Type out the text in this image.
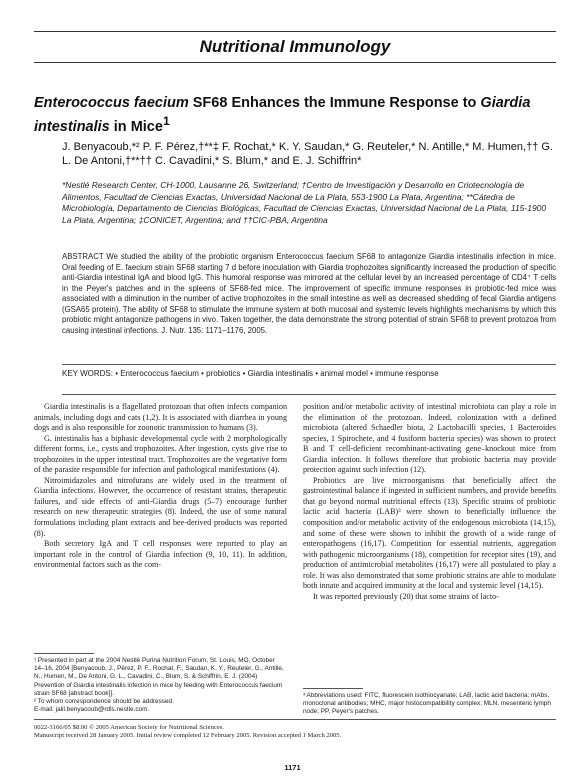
Nutritional Immunology
Enterococcus faecium SF68 Enhances the Immune Response to Giardia
intestinalis in Mice$^1$
J. Benyacoub,*² P. F. Pérez,†**‡ F. Rochat,* K. Y. Saudan,* G. Reuteler,* N. Antille,* M. Humen,†† G. L. De Antoni,†**†† C. Cavadini,* S. Blum,* and E. J. Schiffrin*
*Nestlé Research Center, CH-1000, Lausanne 26, Switzerland; †Centro de Investigación y Desarrollo en Criotecnología de Alimentos, Facultad de Ciencias Exactas, Universidad Nacional de La Plata, 553-1900 La Plata, Argentina; **Cátedra de Microbiología, Departamento de Ciencias Biológicas, Facultad de Ciencias Exactas, Universidad Nacional de La Plata, 115-1900 La Plata, Argentina; ‡CONICET, Argentina; and ††CIC-PBA, Argentina
ABSTRACT We studied the ability of the probiotic organism Enterococcus faecium SF68 to antagonize Giardia intestinalis infection in mice. Oral feeding of E. faecium strain SF68 starting 7 d before inoculation with Giardia trophozoites significantly increased the production of specific anti-Giardia intestinal IgA and blood IgG. This humoral response was mirrored at the cellular level by an increased percentage of CD4⁺ T cells in the Peyer's patches and in the spleens of SF68-fed mice. The improvement of specific immune responses in probiotic-fed mice was associated with a diminution in the number of active trophozoites in the small intestine as well as decreased shedding of fecal Giardia antigens (GSA65 protein). The ability of SF68 to stimulate the immune system at both mucosal and systemic levels highlights mechanisms by which this probiotic might antagonize pathogens in vivo. Taken together, the data demonstrate the strong potential of strain SF68 to prevent protozoa from causing intestinal infections. J. Nutr. 135: 1171–1176, 2005.
KEY WORDS: • Enterococcus faecium • probiotics • Giardia intestinalis • animal model • immune response

Giardia intestinalis is a flagellated protozoan that often infects companion animals, including dogs and cats (1,2). It is associated with diarrhea in young dogs and is also responsible for zoonotic transmission to humans (3).

G. intestinalis has a biphasic developmental cycle with 2 morphologically different forms, i.e., cysts and trophozoites. After ingestion, cysts give rise to trophozoites in the upper intestinal tract. Trophozoites are the vegetative form of the parasite responsible for infection and pathological manifestations (4).

Nitroimidazoles and nitrofurans are widely used in the treatment of Giardia infections. However, the occurrence of resistant strains, therapeutic failures, and side effects of anti-Giardia drugs (5–7) encourage further research on new therapeutic strategies (8). Indeed, the use of some natural formulations including plant extracts and bee-derived products was reported (8).

Both secretory IgA and T cell responses were reported to play an important role in the control of Giardia infection (9, 10, 11). In addition, environmental factors such as the com-

position and/or metabolic activity of intestinal microbiota can play a role in the elimination of the protozoan. Indeed, colonization with a defined microbiota (altered Schaedler biota, 2 Lactobacilli species, 1 Bacteroides species, 1 Spirochete, and 4 fusiform bacteria species) was shown to protect B and T cell-deficient recombinant-activating gene–knockout mice from Giardia infection. It follows therefore that probiotic bacteria may provide protection against such infection (12).

Probiotics are live microorganisms that beneficially affect the gastrointestinal balance if ingested in sufficient numbers, and provide benefits that go beyond normal nutritional effects (13). Specific strains of probiotic lactic acid bacteria (LAB)³ were shown to beneficially influence the composition and/or metabolic activity of the endogenous microbiota (14,15), and some of these were shown to inhibit the growth of a wide range of enteropathogens (16,17). Competition for essential nutrients, aggregation with pathogenic microorganisms (18), competition for receptor sites (19), and production of antimicrobial metabolites (16,17) were all postulated to play a role. It was also demonstrated that some probiotic strains are able to modulate both innate and acquired immunity at the local and systemic level (14,15).

It was reported previously (20) that some strains of lacto-

¹ Presented in part at the 2004 Nestlé Purina Nutrition Forum, St. Louis, MO, October 14–16, 2004 [Benyacoub, J., Pérez, P. F., Rochat, F., Saudan, K. Y., Reuteler, G., Antille, N., Humen, M., De Antoni, G. L., Cavadini, C., Blum, S. & Schiffrin, E. J. (2004) Prevention of Giardia intestinalis infection in mice by feeding with Enterococcus faecium strain SF68 [abstract book]].
² To whom correspondence should be addressed.
E-mail: jalil.benyacoub@rdls.nestle.com.
³ Abbreviations used: FITC, fluorescein isothiocyanate; LAB, lactic acid bacteria; mAbs, monoclonal antibodies; MHC, major histocompatibility complex; MLN, mesenteric lymph node; PP, Peyer's patches.
0022-3166/05 $8.00 © 2005 American Society for Nutritional Sciences.
Manuscript received 28 January 2005. Initial review completed 12 February 2005. Revision accepted 1 March 2005.
1171
